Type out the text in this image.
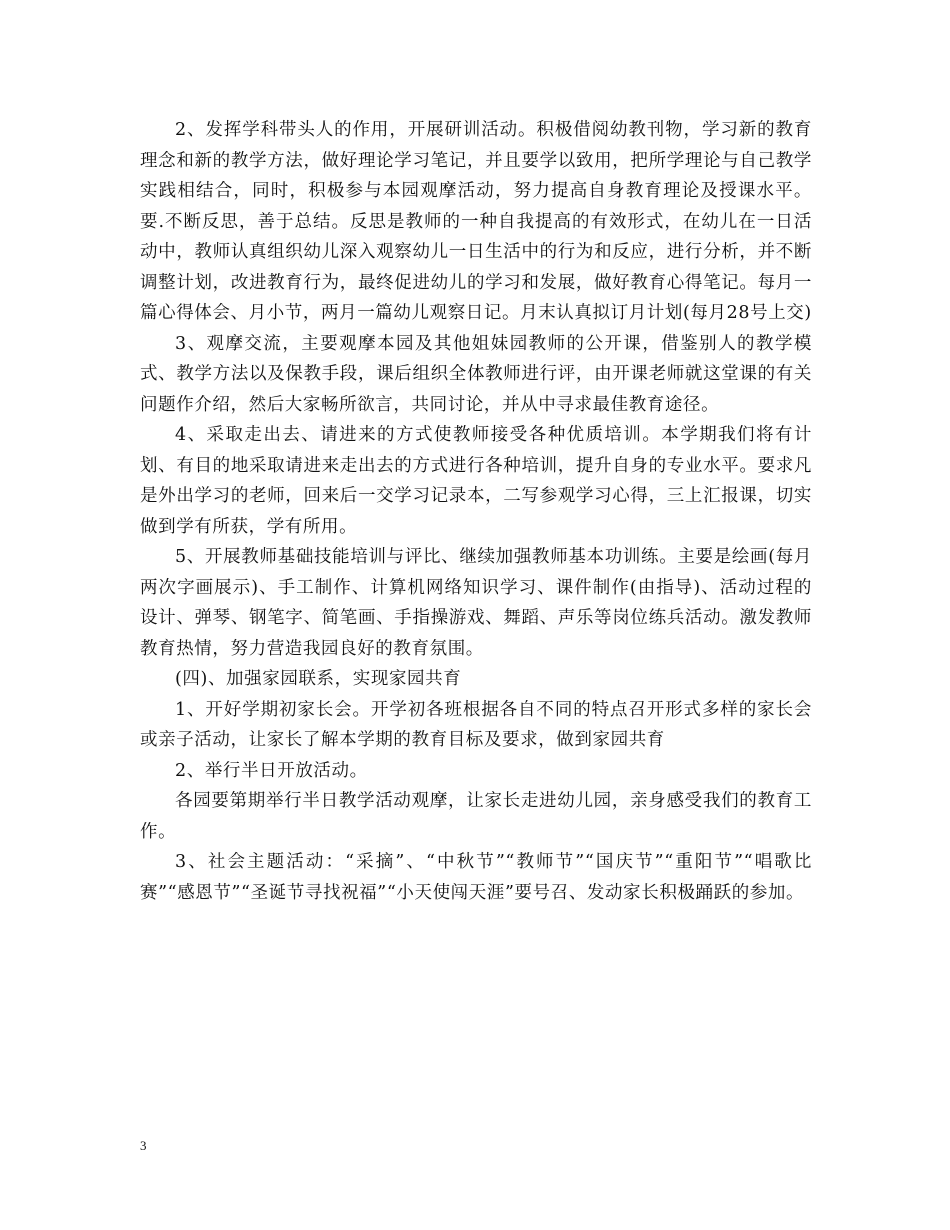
2、发挥学科带头人的作用，开展研训活动。积极借阅幼教刊物，学习新的教育理念和新的教学方法，做好理论学习笔记，并且要学以致用，把所学理论与自己教学实践相结合，同时，积极参与本园观摩活动，努力提高自身教育理论及授课水平。要.不断反思，善于总结。反思是教师的一种自我提高的有效形式，在幼儿在一日活动中，教师认真组织幼儿深入观察幼儿一日生活中的行为和反应，进行分析，并不断调整计划，改进教育行为，最终促进幼儿的学习和发展，做好教育心得笔记。每月一篇心得体会、月小节，两月一篇幼儿观察日记。月末认真拟订月计划(每月28号上交)

3、观摩交流，主要观摩本园及其他姐妹园教师的公开课，借鉴别人的教学模式、教学方法以及保教手段，课后组织全体教师进行评，由开课老师就这堂课的有关问题作介绍，然后大家畅所欲言，共同讨论，并从中寻求最佳教育途径。

4、采取走出去、请进来的方式使教师接受各种优质培训。本学期我们将有计划、有目的地采取请进来走出去的方式进行各种培训，提升自身的专业水平。要求凡是外出学习的老师，回来后一交学习记录本，二写参观学习心得，三上汇报课，切实做到学有所获，学有所用。

5、开展教师基础技能培训与评比、继续加强教师基本功训练。主要是绘画(每月两次字画展示)、手工制作、计算机网络知识学习、课件制作(由指导)、活动过程的设计、弹琴、钢笔字、简笔画、手指操游戏、舞蹈、声乐等岗位练兵活动。激发教师教育热情，努力营造我园良好的教育氛围。

(四)、加强家园联系，实现家园共育

1、开好学期初家长会。开学初各班根据各自不同的特点召开形式多样的家长会或亲子活动，让家长了解本学期的教育目标及要求，做到家园共育

2、举行半日开放活动。

各园要第期举行半日教学活动观摩，让家长走进幼儿园，亲身感受我们的教育工作。

3、社会主题活动：“采摘”、“中秋节”“教师节”“国庆节”“重阳节”“唱歌比赛”“感恩节”“圣诞节寻找祝福”“小天使闯天涯”要号召、发动家长积极踊跃的参加。

3
